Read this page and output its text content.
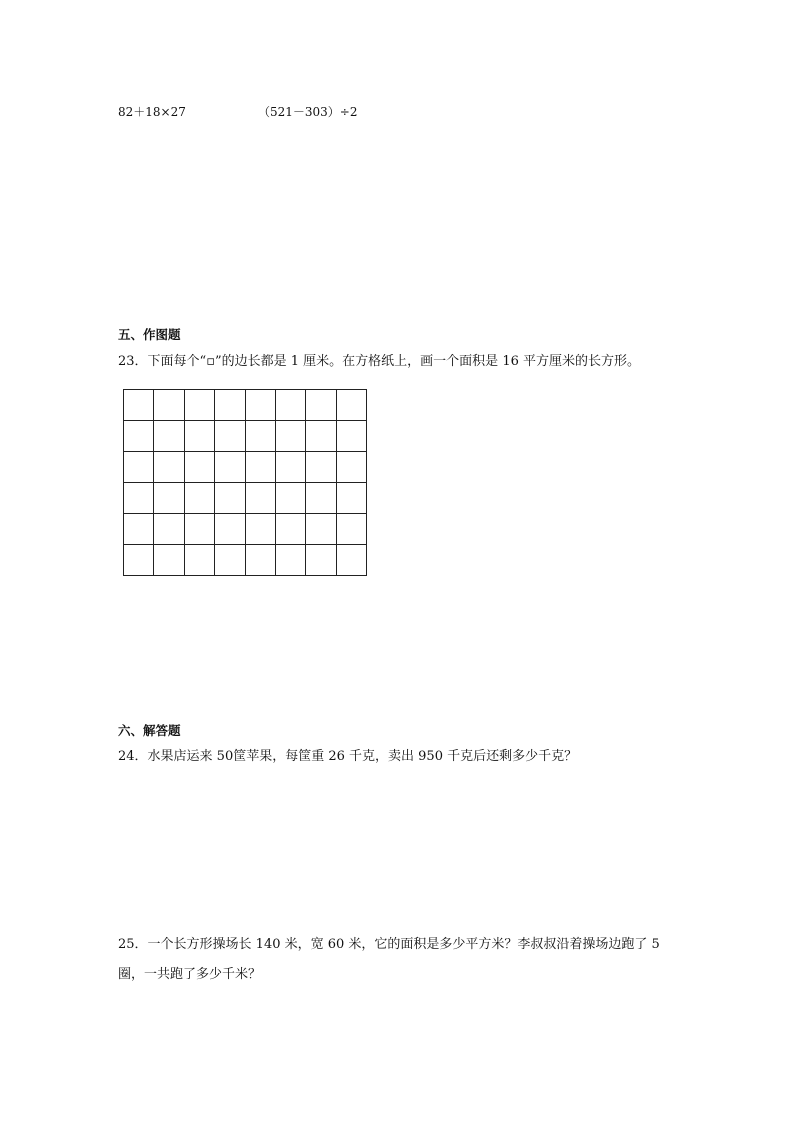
82＋18×27	（521－303）÷2
五、作图题
23．下面每个“▫”的边长都是 1 厘米。在方格纸上，画一个面积是 16 平方厘米的长方形。

六、解答题
24．水果店运来 50筐苹果，每筐重 26 千克，卖出 950 千克后还剩多少千克？
25．一个长方形操场长 140 米，宽 60 米，它的面积是多少平方米？李叔叔沿着操场边跑了 5
圈，一共跑了多少千米？
